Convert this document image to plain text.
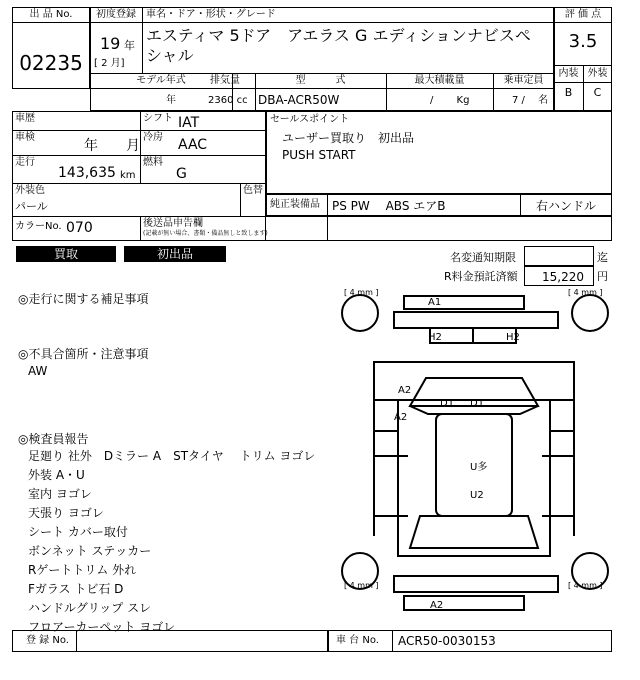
出 品 No.
02235
初度登録
19 年
[ 2 月]
車名・ドア・形状・グレード
エスティマ 5ドア　アエラス G エディションナビスペシャル
モデル年式
年
排気量
2360 cc
型　　　式
DBA-ACR50W
最大積載量
/　　 Kg
乗車定員
7 /　 名
評 価 点
3.5
内装 外装
B	C
車歴	シフト IAT
車検
年　　月
冷房 AAC
走行
143,635 km
燃料
G
外装色
パール
色替
カラーNo. 070
セールスポイント
ユーザー買取り　初出品
PUSH START
純正装備品 PS PW　 ABS エアB	右ハンドル
後送品申告欄
(記載が無い場合、書類・備品無しと致します)
買取	初出品	名変通知期限	迄
R料金預託済額 15,220 円
◎走行に関する補足事項
◎不具合箇所・注意事項
AW
◎検査員報告
足廻り 社外　Dミラー A　STタイヤ　 トリム ヨゴレ
外装 A・U
室内 ヨゴレ
天張り ヨゴレ
シート カバー取付
ボンネット ステッカー
Rゲートトリム 外れ
Fガラス トビ石 D
ハンドルグリップ スレ
フロアーカーペット ヨゴレ
[ 4 mm ]	[ 4 mm ]
[ 4 mm ]	[ 4 mm ]
A1
H2	H2
A2
A2
D1 D1
U多
U2
A2
登 録 No.	車 台 No. ACR50-0030153
